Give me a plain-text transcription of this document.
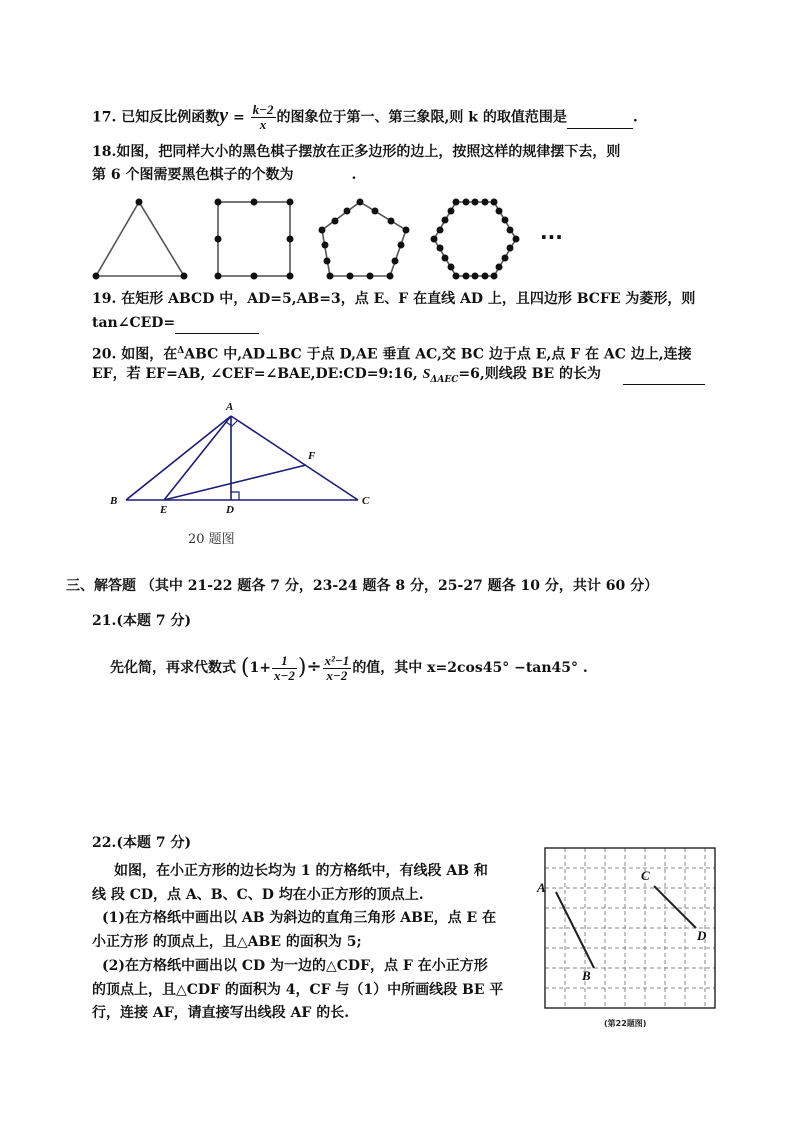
17. 已知反比例函数$y = \frac{k-2}{x}$ 的图象位于第一、第三象限,则 k 的取值范围是	.
18.如图，把同样大小的黑色棋子摆放在正多边形的边上，按照这样的规律摆下去，则
第 6 个图需要黑色棋子的个数为	.
···
19. 在矩形 ABCD 中，AD=5,AB=3，点 E、F 在直线 AD 上，且四边形 BCFE 为菱形，则
tan∠CED=
20. 如图，在$^\Delta$ABC 中,AD⊥BC 于点 D,AE 垂直 AC,交 BC 边于点 E,点 F 在 AC 边上,连接
EF，若 EF=AB, ∠CEF=∠BAE,DE:CD=9:16, $S_{\Delta AEC}=6$,则线段 BE 的长为
A
B	C
D
E
F
20 题图
三、解答题 （其中 21-22 题各 7 分，23-24 题各 8 分，25-27 题各 10 分，共计 60 分）
21.(本题 7 分)
先化简，再求代数式 ($1+ \frac{1}{x-2}$ )÷ $\frac{\text{x²−1}}{x-2}$ 的值，其中 x=2cos45° −tan45° .
22.(本题 7 分)
如图，在小正方形的边长均为 1 的方格纸中，有线段 AB 和
线 段 CD，点 A、B、C、D 均在小正方形的顶点上.
(1)在方格纸中画出以 AB 为斜边的直角三角形 ABE，点 E 在
小正方形 的顶点上，且△ABE 的面积为 5;
(2)在方格纸中画出以 CD 为一边的△CDF，点 F 在小正方形
的顶点上，且△CDF 的面积为 4，CF 与（1）中所画线段 BE 平
行，连接 AF，请直接写出线段 AF 的长.
A
B
C
D
(第22题图)
